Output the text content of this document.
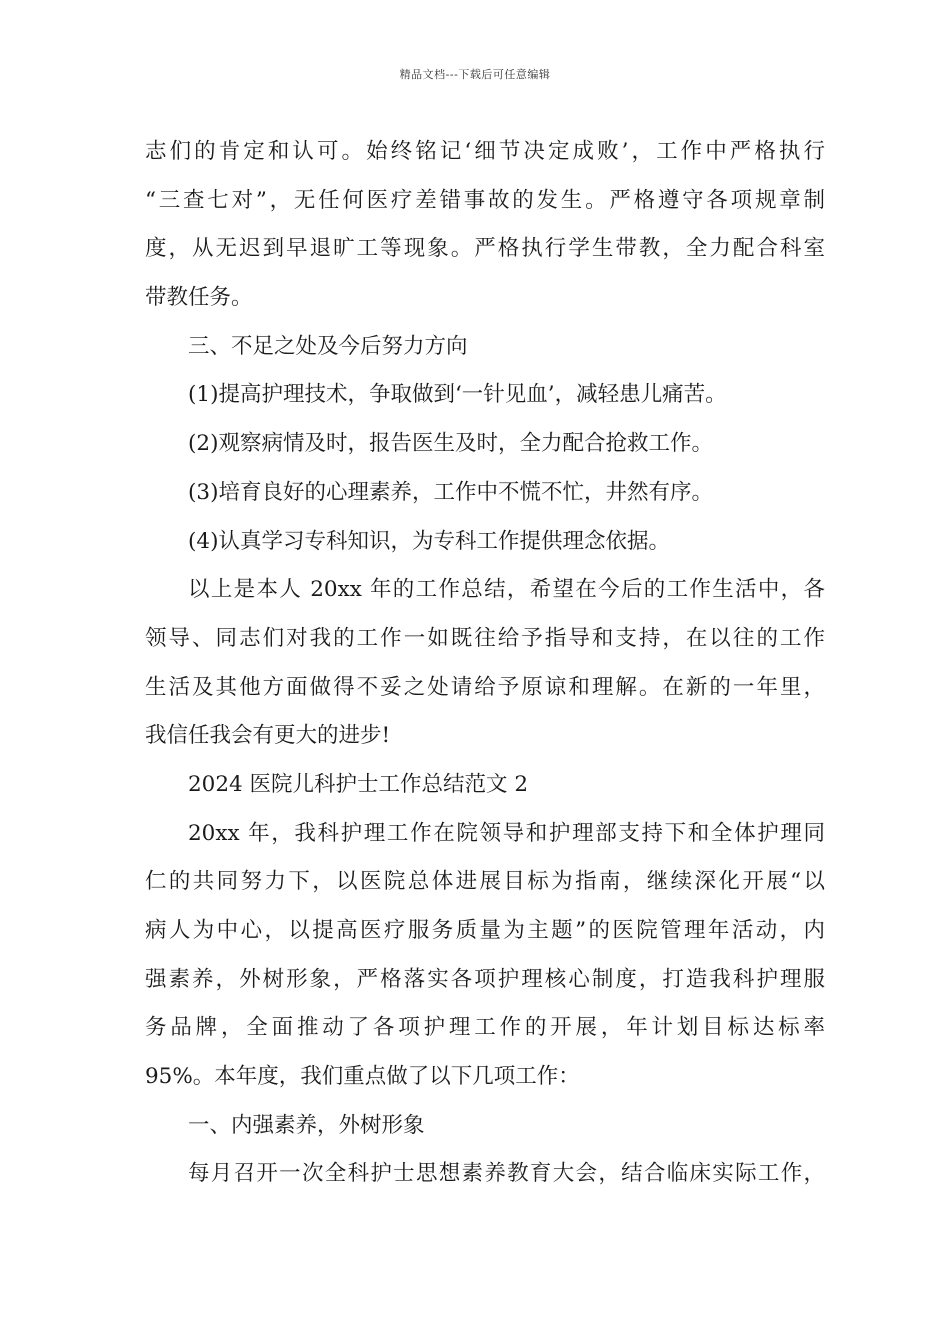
精品文档---下载后可任意编辑
志们的肯定和认可。始终铭记‘细节决定成败’，工作中严格执行
“三查七对”，无任何医疗差错事故的发生。严格遵守各项规章制
度，从无迟到早退旷工等现象。严格执行学生带教，全力配合科室
带教任务。
三、不足之处及今后努力方向
(1)提高护理技术，争取做到‘一针见血’，减轻患儿痛苦。
(2)观察病情及时，报告医生及时，全力配合抢救工作。
(3)培育良好的心理素养，工作中不慌不忙，井然有序。
(4)认真学习专科知识，为专科工作提供理念依据。
以上是本人 20xx 年的工作总结，希望在今后的工作生活中，各
领导、同志们对我的工作一如既往给予指导和支持，在以往的工作
生活及其他方面做得不妥之处请给予原谅和理解。在新的一年里，
我信任我会有更大的进步!
2024 医院儿科护士工作总结范文 2
20xx 年，我科护理工作在院领导和护理部支持下和全体护理同
仁的共同努力下，以医院总体进展目标为指南，继续深化开展“以
病人为中心，以提高医疗服务质量为主题”的医院管理年活动，内
强素养，外树形象，严格落实各项护理核心制度，打造我科护理服
务品牌，全面推动了各项护理工作的开展，年计划目标达标率
95%。本年度，我们重点做了以下几项工作：
一、内强素养，外树形象
每月召开一次全科护士思想素养教育大会，结合临床实际工作，
